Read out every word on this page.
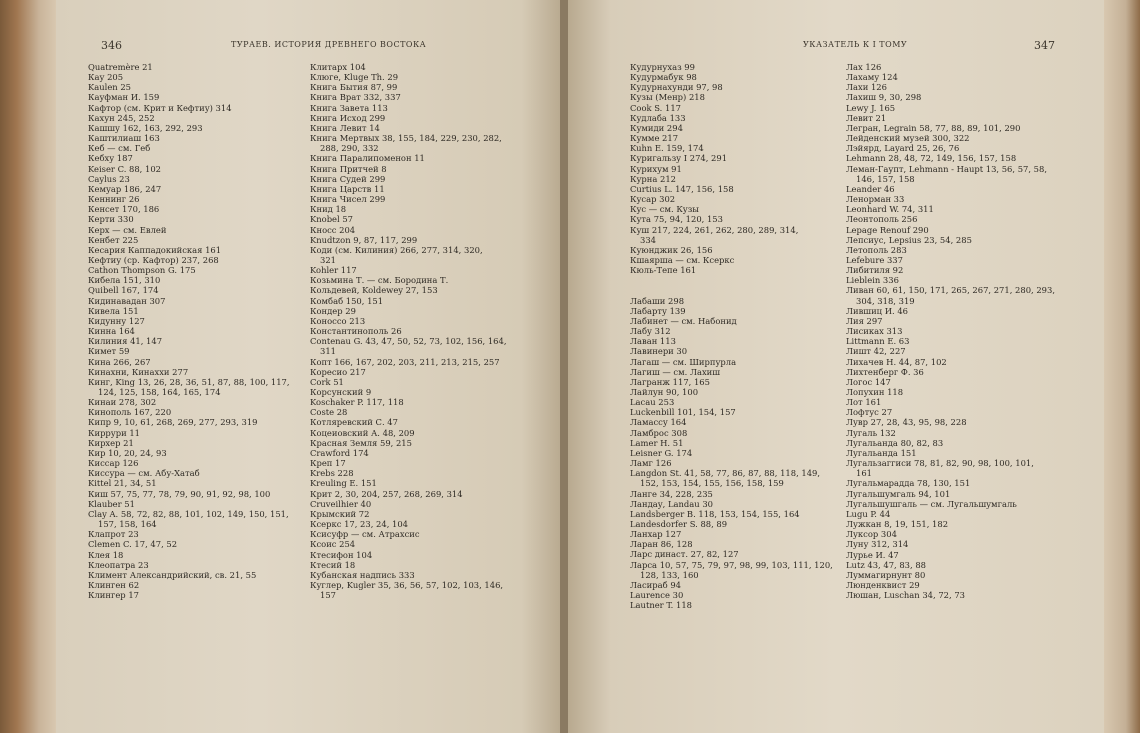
346	ТУРАЕВ. ИСТОРИЯ ДРЕВНЕГО ВОСТОКА
Quatremère 21
Кау 205
Kaulen 25
Кауфман И. 159
Кафтор (см. Крит и Кефтиу) 314
Кахун 245, 252
Кашшу 162, 163, 292, 293
Каштилиаш 163
Кеб — см. Геб
Кебху 187
Keiser C. 88, 102
Caylus 23
Кемуар 186, 247
Кеннинг 26
Кенсет 170, 186
Керти 330
Керх — см. Евлей
Кенбет 225
Кесария Каппадокийская 161
Кефтиу (ср. Кафтор) 237, 268
Cathon Thompson G. 175
Кибела 151, 310
Quibell 167, 174
Кидинавадан 307
Кивела 151
Кидунну 127
Кинна 164
Килиния 41, 147
Кимет 59
Кина 266, 267
Кинахни, Кинаххи 277
Кинг, King 13, 26, 28, 36, 51, 87, 88, 100, 117,
124, 125, 158, 164, 165, 174
Кинаи 278, 302
Кинополь 167, 220
Кипр 9, 10, 61, 268, 269, 277, 293, 319
Киррури 11
Кирхер 21
Кир 10, 20, 24, 93
Киссар 126
Киссура — см. Абу-Хатаб
Kittel 21, 34, 51
Киш 57, 75, 77, 78, 79, 90, 91, 92, 98, 100
Klauber 51
Clay A. 58, 72, 82, 88, 101, 102, 149, 150, 151,
157, 158, 164
Клапрот 23
Clemen C. 17, 47, 52
Клея 18
Клеопатра 23
Климент Александрийский, св. 21, 55
Клинген 62
Клингер 17
Клитарх 104
Клюге, Kluge Th. 29
Книга Бытия 87, 99
Книга Врат 332, 337
Книга Завета 113
Книга Исход 299
Книга Левит 14
Книга Мертвых 38, 155, 184, 229, 230, 282,
288, 290, 332
Книга Паралипоменон 11
Книга Притчей 8
Книга Судей 299
Книга Царств 11
Книга Чисел 299
Книд 18
Knobel 57
Кносс 204
Knudtzon 9, 87, 117, 299
Коди (см. Килиния) 266, 277, 314, 320,
321
Kohler 117
Козьмина Т. — см. Бородина Т.
Кольдевей, Koldewey 27, 153
Комбаб 150, 151
Кондер 29
Коноссо 213
Константинополь 26
Contenau G. 43, 47, 50, 52, 73, 102, 156, 164,
311
Копт 166, 167, 202, 203, 211, 213, 215, 257
Коресио 217
Cork 51
Корсунский 9
Koschaker P. 117, 118
Coste 28
Котляревский С. 47
Коцеиовский А. 48, 209
Красная Земля 59, 215
Crawford 174
Креп 17
Krebs 228
Kreuling E. 151
Крит 2, 30, 204, 257, 268, 269, 314
Cruveilhier 40
Крымский 72
Ксеркс 17, 23, 24, 104
Ксисуфр — см. Атрахсис
Ксоис 254
Ктесифон 104
Ктесий 18
Кубанская надпись 333
Куглер, Kugler 35, 36, 56, 57, 102, 103, 146,
157
УКАЗАТЕЛЬ К I ТОМУ	347
Кудурнухаз 99
Кудурмабук 98
Кудурнахунди 97, 98
Кузы (Менр) 218
Cook S. 117
Кудлаба 133
Кумиди 294
Кумме 217
Kuhn E. 159, 174
Куригальзу I 274, 291
Курихум 91
Курна 212
Curtius L. 147, 156, 158
Кусар 302
Кус — см. Кузы
Кута 75, 94, 120, 153
Куш 217, 224, 261, 262, 280, 289, 314,
334
Куюнджик 26, 156
Кшаярша — см. Ксеркс
Кюль-Тепе 161
Лабаши 298
Лабарту 139
Лабинет — см. Набонид
Лабу 312
Лаван 113
Лавинери 30
Лагаш — см. Ширпурла
Лагиш — см. Лахиш
Лагранж 117, 165
Лайлун 90, 100
Lacau 253
Luckenbill 101, 154, 157
Ламассу 164
Ламброс 308
Lamer H. 51
Leisner G. 174
Ламг 126
Langdon St. 41, 58, 77, 86, 87, 88, 118, 149,
152, 153, 154, 155, 156, 158, 159
Ланге 34, 228, 235
Ландау, Landau 30
Landsberger B. 118, 153, 154, 155, 164
Landesdorfer S. 88, 89
Ланхар 127
Ларан 86, 128
Ларс династ. 27, 82, 127
Ларса 10, 57, 75, 79, 97, 98, 99, 103, 111, 120,
128, 133, 160
Ласираб 94
Laurence 30
Lautner T. 118
Лах 126
Лахаму 124
Лахи 126
Лахиш 9, 30, 298
Lewy J. 165
Левит 21
Легран, Legrain 58, 77, 88, 89, 101, 290
Лейденский музей 300, 322
Лэйярд, Layard 25, 26, 76
Lehmann 28, 48, 72, 149, 156, 157, 158
Леман-Гаупт, Lehmann - Haupt 13, 56, 57, 58,
146, 157, 158
Leander 46
Ленорман 33
Leonhard W. 74, 311
Леонтополь 256
Lepage Renouf 290
Лепсиус, Lepsius 23, 54, 285
Летополь 283
Lefebure 337
Либитиля 92
Lieblein 336
Ливан 60, 61, 150, 171, 265, 267, 271, 280, 293,
304, 318, 319
Лившиц И. 46
Лия 297
Лисиках 313
Littmann E. 63
Лишт 42, 227
Лихачев Н. 44, 87, 102
Лихтенберг Ф. 36
Логос 147
Лопухин 118
Лот 161
Лофтус 27
Лувр 27, 28, 43, 95, 98, 228
Лугаль 132
Лугальанда 80, 82, 83
Лугальанда 151
Лугальзаггиси 78, 81, 82, 90, 98, 100, 101,
161
Лугальмарадда 78, 130, 151
Лугальшумгаль 94, 101
Лугальшушгаль — см. Лугальшумгаль
Lugu P. 44
Лужкан 8, 19, 151, 182
Луксор 304
Луну 312, 314
Лурье И. 47
Lutz 43, 47, 83, 88
Луммагирнунт 80
Люнденквист 29
Люшан, Luschan 34, 72, 73
